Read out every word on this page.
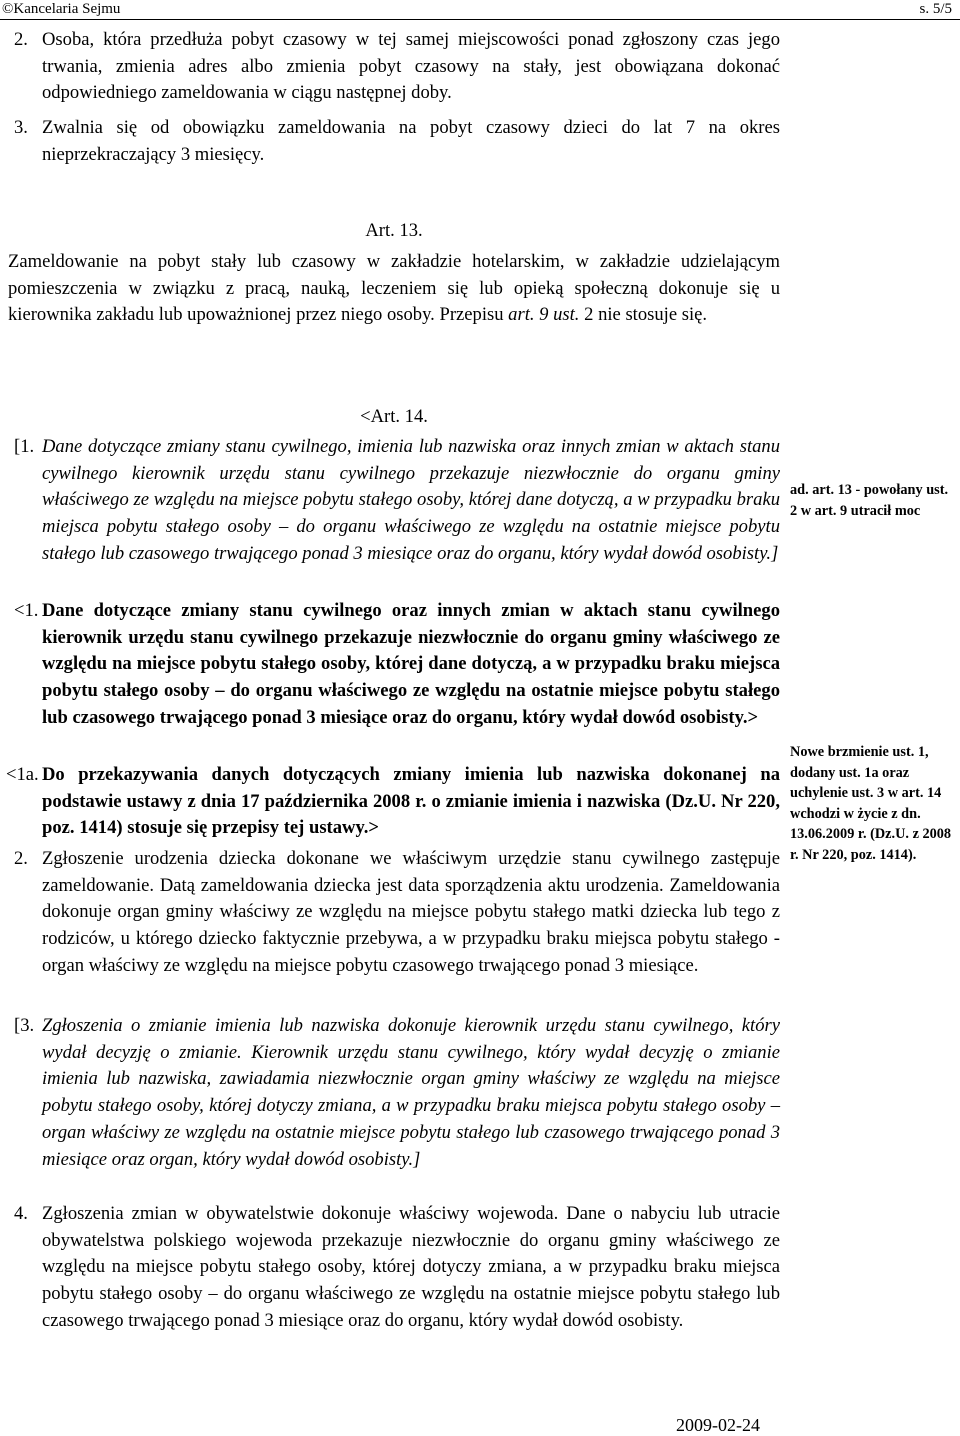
©Kancelaria Sejmu	s. 5/5

2. Osoba, która przedłuża pobyt czasowy w tej samej miejscowości ponad zgłoszony czas jego trwania, zmienia adres albo zmienia pobyt czasowy na stały, jest obowiązana dokonać odpowiedniego zameldowania w ciągu następnej doby.

3. Zwalnia się od obowiązku zameldowania na pobyt czasowy dzieci do lat 7 na okres nieprzekraczający 3 miesięcy.

Art. 13.

Zameldowanie na pobyt stały lub czasowy w zakładzie hotelarskim, w zakładzie udzielającym pomieszczenia w związku z pracą, nauką, leczeniem się lub opieką społeczną dokonuje się u kierownika zakładu lub upoważnionej przez niego osoby. Przepisu art. 9 ust. 2 nie stosuje się.

<Art. 14.

[1. Dane dotyczące zmiany stanu cywilnego, imienia lub nazwiska oraz innych zmian w aktach stanu cywilnego kierownik urzędu stanu cywilnego przekazuje niezwłocznie do organu gminy właściwego ze względu na miejsce pobytu stałego osoby, której dane dotyczą, a w przypadku braku miejsca pobytu stałego osoby – do organu właściwego ze względu na ostatnie miejsce pobytu stałego lub czasowego trwającego ponad 3 miesiące oraz do organu, który wydał dowód osobisty.]

<1. Dane dotyczące zmiany stanu cywilnego oraz innych zmian w aktach stanu cywilnego kierownik urzędu stanu cywilnego przekazuje niezwłocznie do organu gminy właściwego ze względu na miejsce pobytu stałego osoby, której dane dotyczą, a w przypadku braku miejsca pobytu stałego osoby – do organu właściwego ze względu na ostatnie miejsce pobytu stałego lub czasowego trwającego ponad 3 miesiące oraz do organu, który wydał dowód osobisty.>

<1a. Do przekazywania danych dotyczących zmiany imienia lub nazwiska dokonanej na podstawie ustawy z dnia 17 października 2008 r. o zmianie imienia i nazwiska (Dz.U. Nr 220, poz. 1414) stosuje się przepisy tej ustawy.>

2. Zgłoszenie urodzenia dziecka dokonane we właściwym urzędzie stanu cywilnego zastępuje zameldowanie. Datą zameldowania dziecka jest data sporządzenia aktu urodzenia. Zameldowania dokonuje organ gminy właściwy ze względu na miejsce pobytu stałego matki dziecka lub tego z rodziców, u którego dziecko faktycznie przebywa, a w przypadku braku miejsca pobytu stałego - organ właściwy ze względu na miejsce pobytu czasowego trwającego ponad 3 miesiące.

[3. Zgłoszenia o zmianie imienia lub nazwiska dokonuje kierownik urzędu stanu cywilnego, który wydał decyzję o zmianie. Kierownik urzędu stanu cywilnego, który wydał decyzję o zmianie imienia lub nazwiska, zawiadamia niezwłocznie organ gminy właściwy ze względu na miejsce pobytu stałego osoby, której dotyczy zmiana, a w przypadku braku miejsca pobytu stałego osoby – organ właściwy ze względu na ostatnie miejsce pobytu stałego lub czasowego trwającego ponad 3 miesiące oraz organ, który wydał dowód osobisty.]

4. Zgłoszenia zmian w obywatelstwie dokonuje właściwy wojewoda. Dane o nabyciu lub utracie obywatelstwa polskiego wojewoda przekazuje niezwłocznie do organu gminy właściwego ze względu na miejsce pobytu stałego osoby, której dotyczy zmiana, a w przypadku braku miejsca pobytu stałego osoby – do organu właściwego ze względu na ostatnie miejsce pobytu stałego lub czasowego trwającego ponad 3 miesiące oraz do organu, który wydał dowód osobisty.

ad. art. 13 - powołany ust. 2 w art. 9 utracił moc
Nowe brzmienie ust. 1, dodany ust. 1a oraz uchylenie ust. 3 w art. 14 wchodzi w życie z dn. 13.06.2009 r. (Dz.U. z 2008 r. Nr 220, poz. 1414).
2009-02-24
